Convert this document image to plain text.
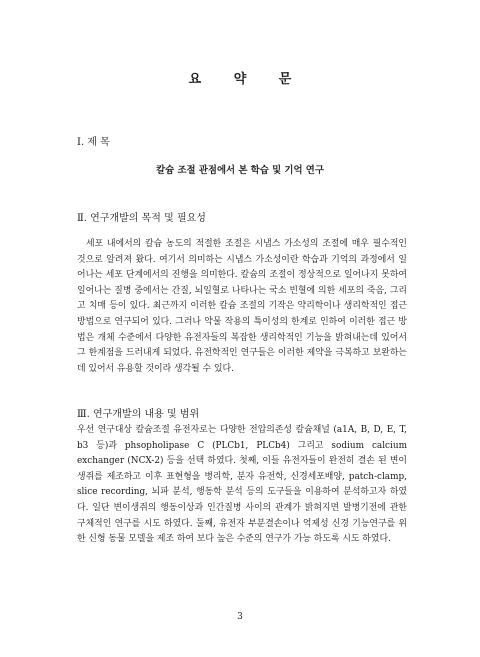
요 약 문
Ⅰ. 제 목
칼슘 조절 관점에서 본 학습 및 기억 연구
Ⅱ. 연구개발의 목적 및 필요성
세포 내에서의 칼슘 농도의 적절한 조절은 시냅스 가소성의 조절에 매우 필수적인 것으로 알려져 왔다. 여기서 의미하는 시냅스 가소성이란 학습과 기억의 과정에서 일어나는 세포 단계에서의 진행을 의미한다. 칼슘의 조절이 정상적으로 일어나지 못하여 일어나는 질병 중에서는 간질, 뇌일혈로 나타나는 국소 빈혈에 의한 세포의 죽음, 그리고 치매 등이 있다. 최근까지 이러한 칼슘 조절의 기작은 약리학이나 생리학적인 접근 방법으로 연구되어 있다. 그러나 약물 작용의 특이성의 한계로 인하여 이러한 접근 방법은 개체 수준에서 다양한 유전자들의 복잡한 생리학적인 기능을 밝혀내는데 있어서 그 한계점을 드러내게 되었다. 유전학적인 연구들은 이러한 제약을 극복하고 보완하는데 있어서 유용할 것이라 생각될 수 있다.
Ⅲ. 연구개발의 내용 및 범위
우선 연구대상 칼슘조절 유전자로는 다양한 전압의존성 칼슘채널 (a1A, B, D, E, T, b3 등)과 phsopholipase C (PLCb1, PLCb4) 그리고 sodium calcium exchanger (NCX-2) 등을 선택 하였다. 첫째, 이들 유전자들이 완전히 결손 된 변이 생쥐를 제조하고 이후 표현형을 병리학, 분자 유전학, 신경세포배양, patch-clamp, slice recording, 뇌파 분석, 행동학 분석 등의 도구들을 이용하여 분석하고자 하였다. 일단 변이생쥐의 행동이상과 인간질병 사이의 관계가 밝혀지면 발병기전에 관한 구체적인 연구를 시도 하였다. 둘째, 유전자 부분결손이나 억제성 신경 기능연구를 위한 신형 동물 모델을 제조 하여 보다 높은 수준의 연구가 가능 하도록 시도 하였다.
3
